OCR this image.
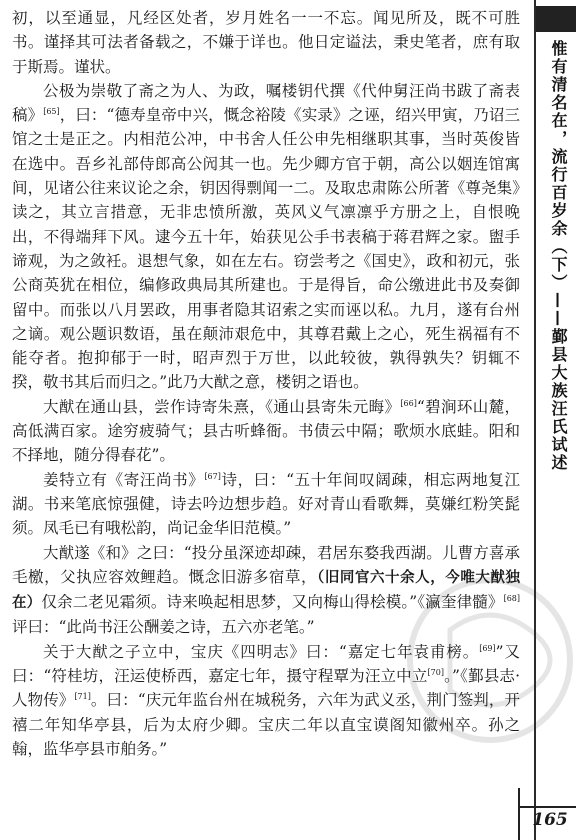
初，以至通显，凡经区处者，岁月姓名一一不忘。闻见所及，既不可胜书。谨择其可法者备载之，不嫌于详也。他日定谥法，秉史笔者，庶有取于斯焉。谨状。

公极为崇敬了斋之为人、为政，嘱楼钥代撰《代仲舅汪尚书跋了斋表稿》[65]，曰：“德寿皇帝中兴，慨念裕陵《实录》之诬，绍兴甲寅，乃诏三馆之士是正之。内相范公冲，中书舍人任公申先相继职其事，当时英俊皆在选中。吾乡礼部侍郎高公闶其一也。先少卿方官于朝，高公以姻连馆寓间，见诸公往来议论之余，钥因得剽闻一二。及取忠肃陈公所著《尊尧集》读之，其立言措意，无非忠愤所激，英风义气凛凛乎方册之上，自恨晚出，不得端拜下风。逮今五十年，始获见公手书表稿于蒋君辉之家。盥手谛观，为之敛衽。退想气象，如在左右。窃尝考之《国史》，政和初元，张公商英犹在相位，编修政典局其所建也。于是得旨，命公缴进此书及奏御留中。而张以八月罢政，用事者隐其诏索之实而诬以私。九月，遂有台州之谪。观公题识数语，虽在颠沛艰危中，其尊君戴上之心，死生祸福有不能夺者。抱抑郁于一时，昭声烈于万世，以此较彼，孰得孰失？钥辄不揆，敬书其后而归之。”此乃大猷之意，楼钥之语也。

大猷在通山县，尝作诗寄朱熹，《通山县寄朱元晦》[66]“碧涧环山麓，高低满百家。途穷疲骑气；县古听蜂衙。书债云中隔；歌烦水底蛙。阳和不择地，随分得春花”。

姜特立有《寄汪尚书》[67]诗，曰：“五十年间叹阔疎，相忘两地复江湖。书来笔底惊强健，诗去吟边想步趋。好对青山看歌舞，莫嫌红粉笑髭须。凤毛已有哦松韵，尚记金华旧范模。”

大猷遂《和》之曰：“投分虽深迹却疎，君居东婺我西湖。儿曹方喜承毛檄，父执应容效鲤趋。慨念旧游多宿草，（旧同官六十余人，今唯大猷独在）仅余二老见霜须。诗来唤起相思梦，又向梅山得桧模。”《瀛奎律髓》[68]评曰：“此尚书汪公酬姜之诗，五六亦老笔。”

关于大猷之子立中，宝庆《四明志》曰：“嘉定七年袁甫榜。[69]”又曰：“符桂坊，汪运使桥西，嘉定七年，摄守程覃为汪立中立[70]。”《鄞县志·人物传》[71]。曰：“庆元年监台州在城税务，六年为武义丞，荆门签判，开禧二年知华亭县，后为太府少卿。宝庆二年以直宝谟阁知徽州卒。孙之翰，监华亭县市舶务。”

惟有清名在，流行百岁余（下）——鄞县大族汪氏试述
165
